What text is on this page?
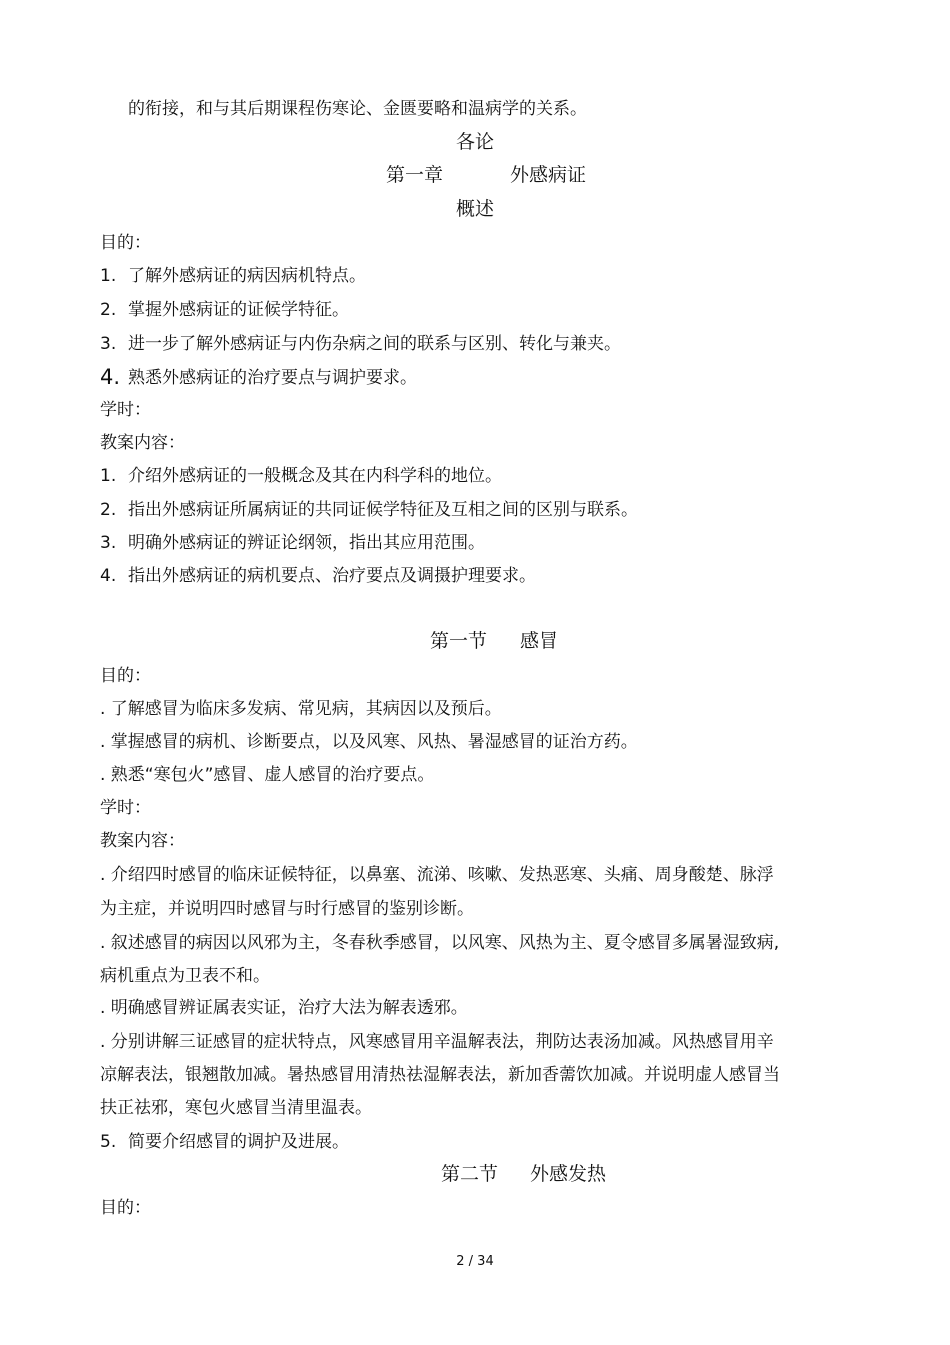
的衔接，和与其后期课程伤寒论、金匮要略和温病学的关系。
各论
第一章	外感病证
概述
目的：
1. 了解外感病证的病因病机特点。
2. 掌握外感病证的证候学特征。
3. 进一步了解外感病证与内伤杂病之间的联系与区别、转化与兼夹。
4. 熟悉外感病证的治疗要点与调护要求。
学时：
教案内容：
1. 介绍外感病证的一般概念及其在内科学科的地位。
2. 指出外感病证所属病证的共同证候学特征及互相之间的区别与联系。
3. 明确外感病证的辨证论纲领，指出其应用范围。
4. 指出外感病证的病机要点、治疗要点及调摄护理要求。
第一节 感冒
目的：
. 了解感冒为临床多发病、常见病，其病因以及预后。
. 掌握感冒的病机、诊断要点，以及风寒、风热、暑湿感冒的证治方药。
. 熟悉“寒包火”感冒、虚人感冒的治疗要点。
学时：
教案内容：
. 介绍四时感冒的临床证候特征，以鼻塞、流涕、咳嗽、发热恶寒、头痛、周身酸楚、脉浮
为主症，并说明四时感冒与时行感冒的鉴别诊断。
. 叙述感冒的病因以风邪为主，冬春秋季感冒，以风寒、风热为主、夏令感冒多属暑湿致病,
病机重点为卫表不和。
. 明确感冒辨证属表实证，治疗大法为解表透邪。
. 分别讲解三证感冒的症状特点，风寒感冒用辛温解表法，荆防达表汤加减。风热感冒用辛
凉解表法，银翘散加减。暑热感冒用清热祛湿解表法，新加香薷饮加减。并说明虚人感冒当
扶正祛邪，寒包火感冒当清里温表。
5. 简要介绍感冒的调护及进展。
第二节 外感发热
目的：
2 / 34
